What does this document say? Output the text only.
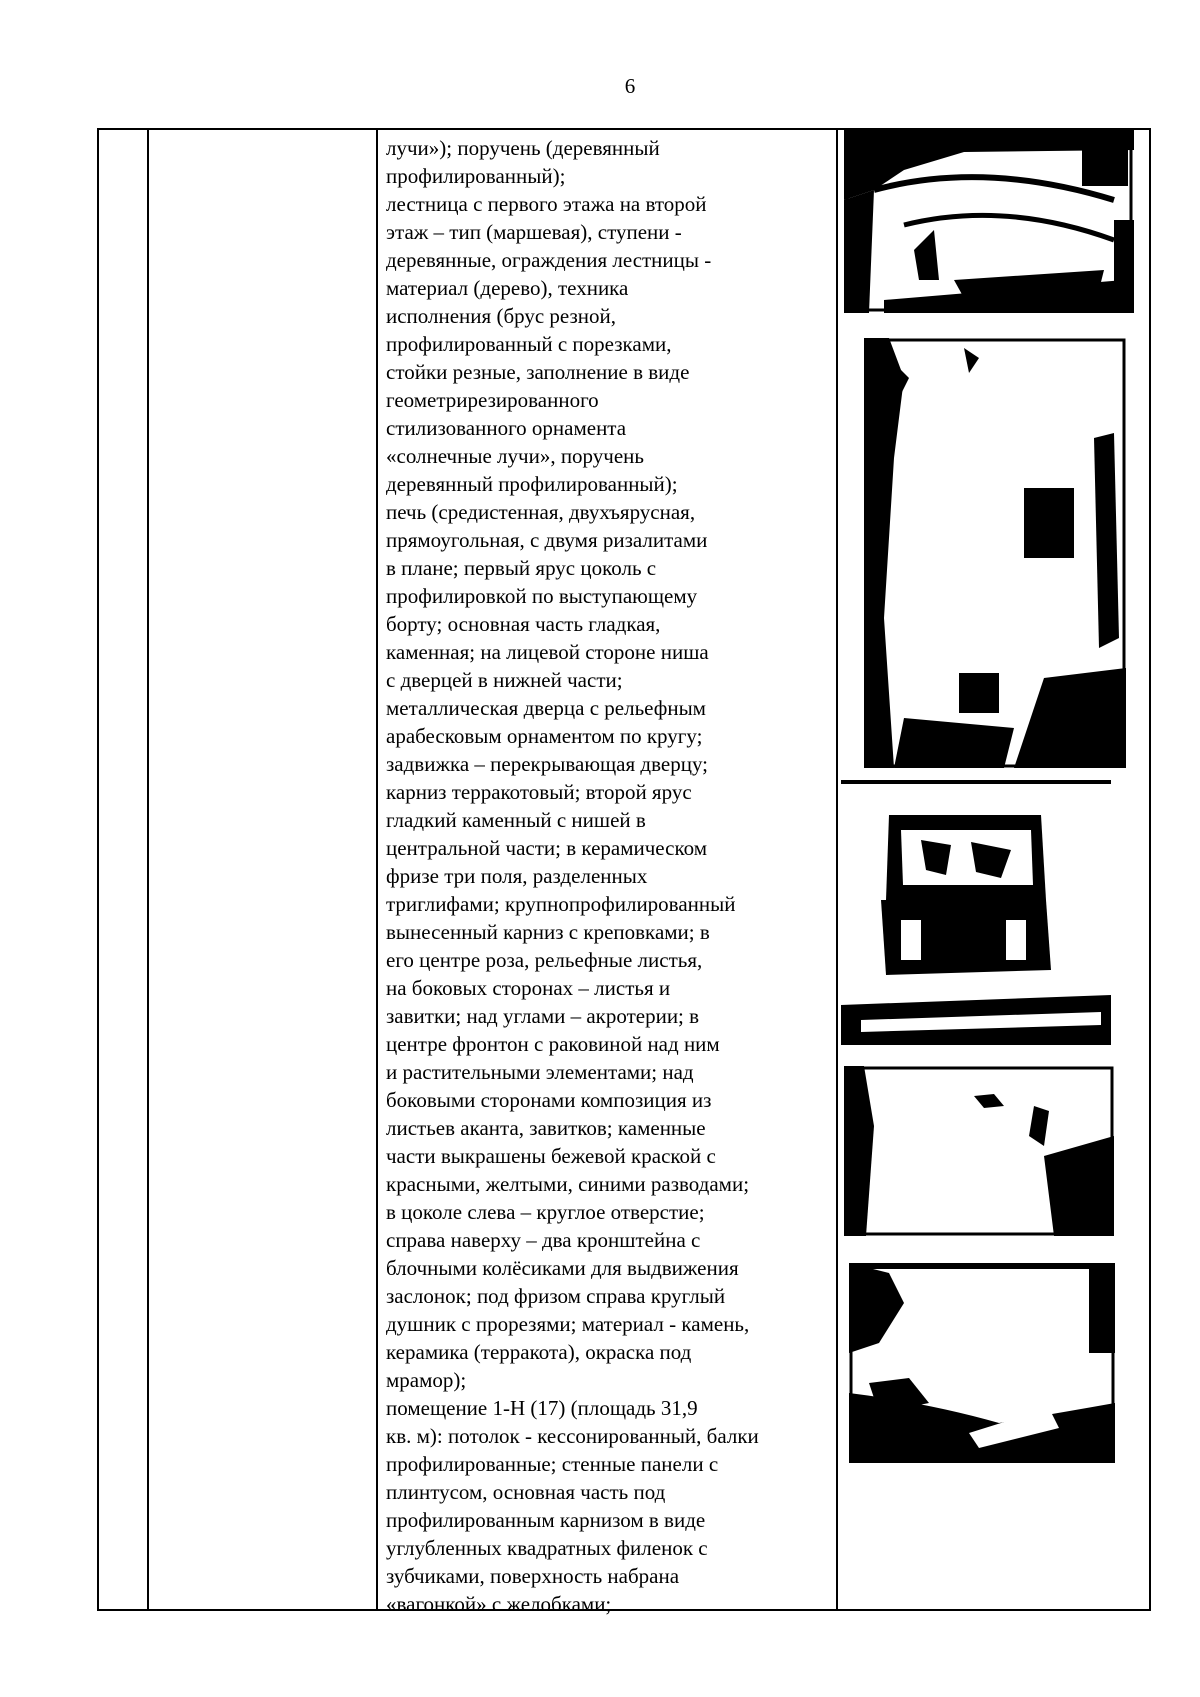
6
лучи»); поручень (деревянный
профилированный);
лестница с первого этажа на второй
этаж – тип (маршевая), ступени -
деревянные, ограждения лестницы -
материал (дерево), техника
исполнения (брус резной,
профилированный с порезками,
стойки резные, заполнение в виде
геометрирезированного
стилизованного орнамента
«солнечные лучи», поручень
деревянный профилированный);
печь (средистенная, двухъярусная,
прямоугольная, с двумя ризалитами
в плане; первый ярус цоколь с
профилировкой по выступающему
борту; основная часть гладкая,
каменная; на лицевой стороне ниша
с дверцей в нижней части;
металлическая дверца с рельефным
арабесковым орнаментом по кругу;
задвижка – перекрывающая дверцу;
карниз терракотовый; второй ярус
гладкий каменный с нишей в
центральной части; в керамическом
фризе три поля, разделенных
триглифами; крупнопрофилированный
вынесенный карниз с креповками; в
его центре роза, рельефные листья,
на боковых сторонах – листья и
завитки; над углами – акротерии; в
центре фронтон с раковиной над ним
и растительными элементами; над
боковыми сторонами композиция из
листьев аканта, завитков; каменные
части выкрашены бежевой краской с
красными, желтыми, синими разводами;
в цоколе слева – круглое отверстие;
справа наверху – два кронштейна с
блочными колёсиками для выдвижения
заслонок; под фризом справа круглый
душник с прорезями; материал - камень,
керамика (терракота), окраска под
мрамор);
помещение 1-Н (17) (площадь 31,9
кв. м): потолок - кессонированный, балки
профилированные; стенные панели с
плинтусом, основная часть под
профилированным карнизом в виде
углубленных квадратных филенок с
зубчиками, поверхность набрана
«вагонкой» с желобками;
